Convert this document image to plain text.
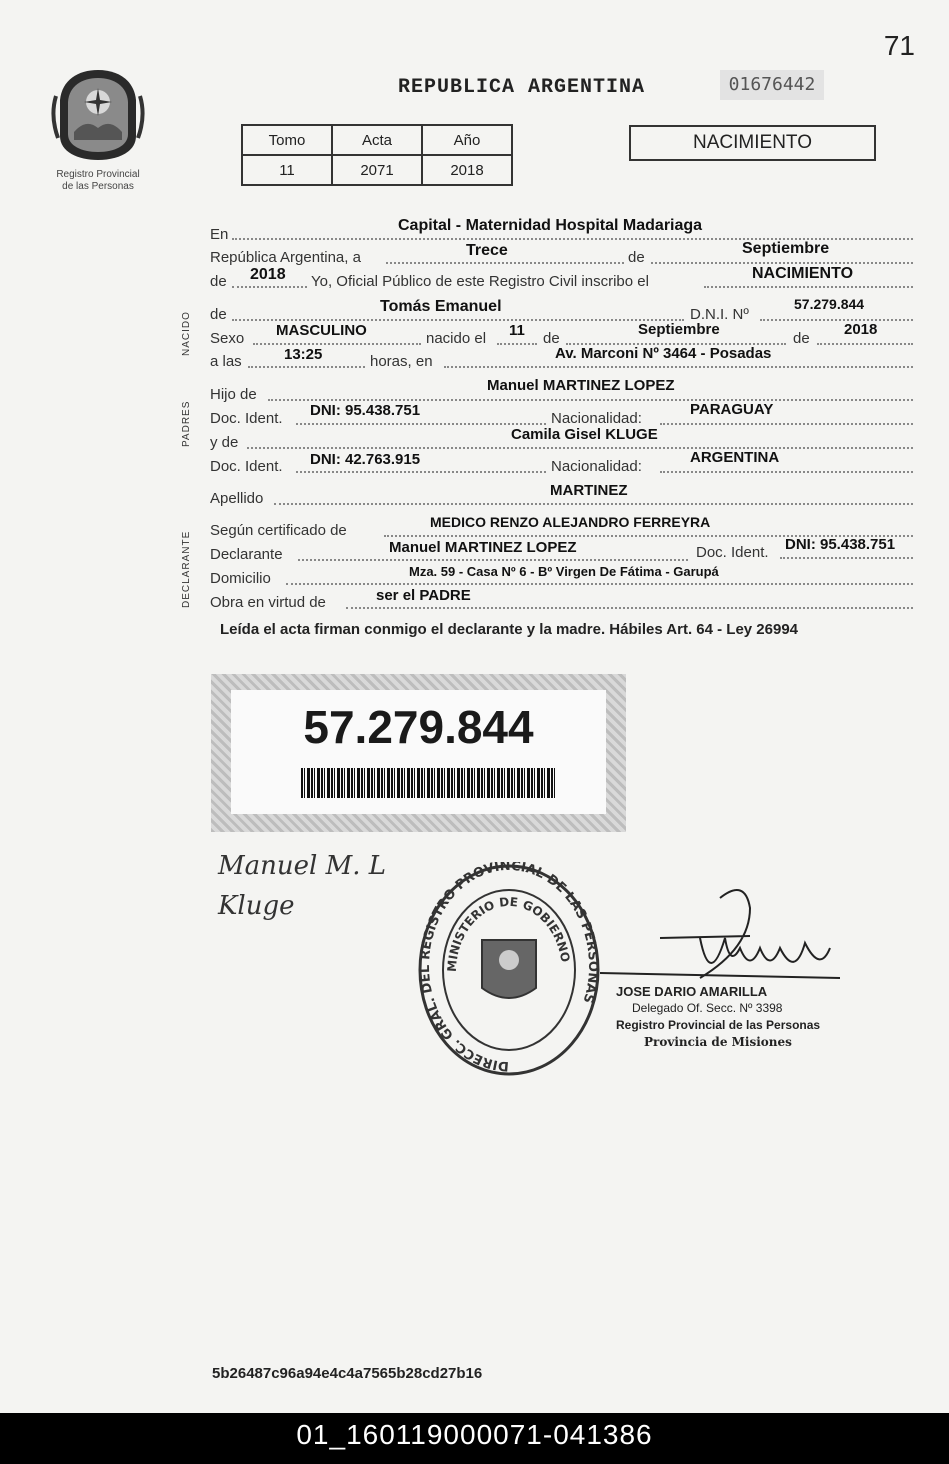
71
Registro Provincial
de las Personas
REPUBLICA ARGENTINA	01676442
Tomo	Acta	Año
11	2071	2018
NACIMIENTO
NACIDO
PADRES
DECLARANTE
En
Capital - Maternidad Hospital Madariaga
República Argentina, a	Trece	de
Septiembre
de 2018 Yo, Oficial Público de este Registro Civil inscribo el	NACIMIENTO
de	Tomás Emanuel	D.N.I. Nº
57.279.844
Sexo MASCULINO	nacido el 11 de
Septiembre
de
2018
a las	13:25	horas, en	Av. Marconi Nº 3464 - Posadas
Hijo de
Manuel MARTINEZ LOPEZ
Doc. Ident. DNI: 95.438.751	Nacionalidad:
PARAGUAY
y de	Camila Gisel KLUGE
Doc. Ident. DNI: 42.763.915	Nacionalidad:
ARGENTINA
Apellido	MARTINEZ
Según certificado de	MEDICO RENZO ALEJANDRO FERREYRA
Declarante	Manuel MARTINEZ LOPEZ	Doc. Ident. DNI: 95.438.751
Domicilio	Mza. 59 - Casa Nº 6 - Bº Virgen De Fátima - Garupá
Obra en virtud de	ser el PADRE
Leída el acta firman conmigo el declarante y la madre. Hábiles Art. 64 - Ley 26994
57.279.844
Manuel M. L
Kluge
DIRECC. GRAL. DEL REGISTRO PROVINCIAL DE LAS PERSONAS
MINISTERIO DE GOBIERNO
JOSE DARIO AMARILLA
Delegado Of. Secc. Nº 3398
Registro Provincial de las Personas
Provincia de Misiones
5b26487c96a94e4c4a7565b28cd27b16
01_160119000071-041386
